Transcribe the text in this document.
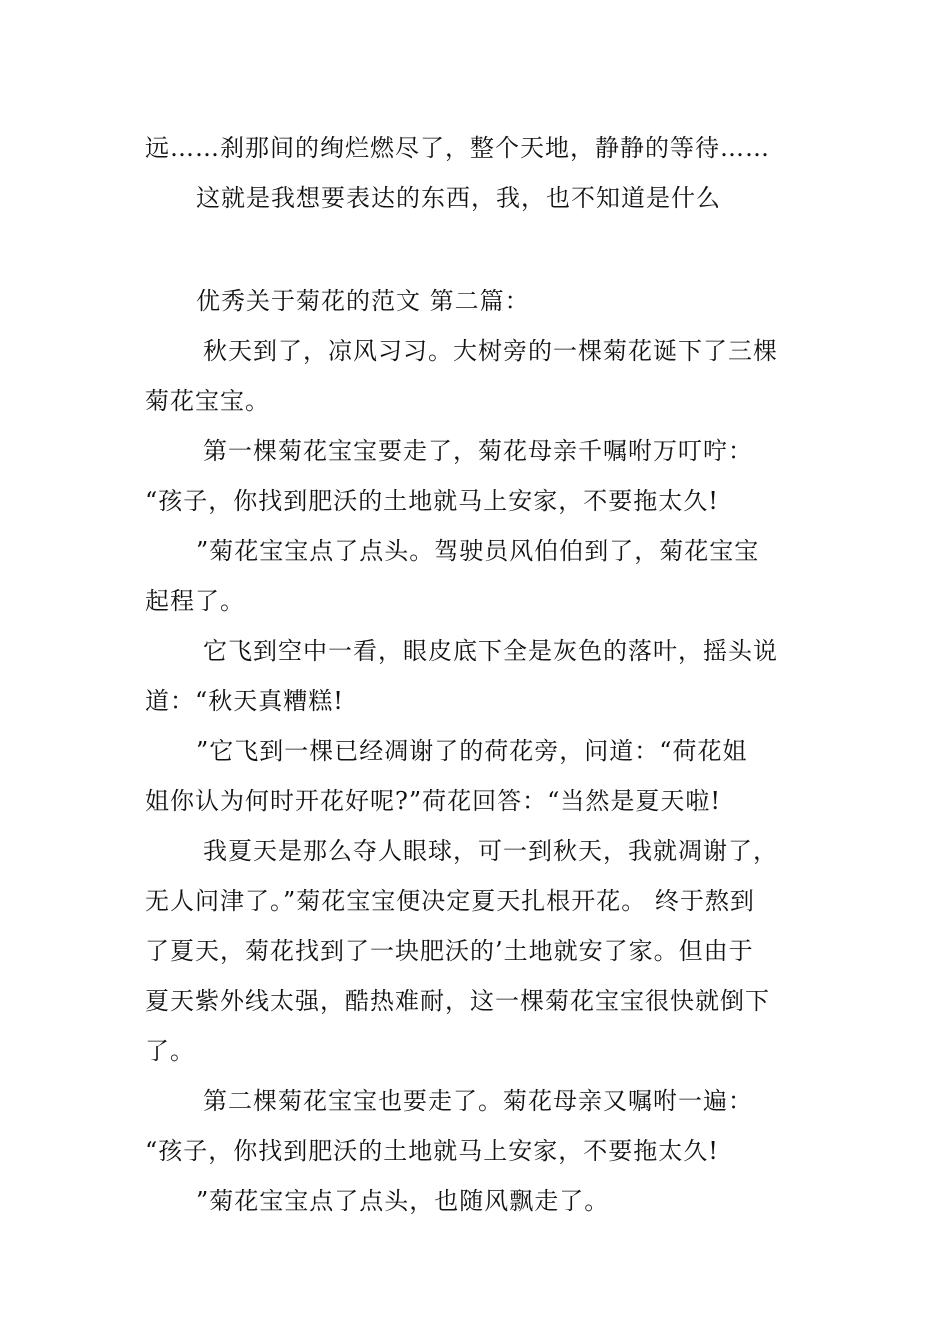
远……刹那间的绚烂燃尽了，整个天地，静静的等待……
这就是我想要表达的东西，我，也不知道是什么
优秀关于菊花的范文 第二篇：
秋天到了，凉风习习。大树旁的一棵菊花诞下了三棵
菊花宝宝。
第一棵菊花宝宝要走了，菊花母亲千嘱咐万叮咛：
“孩子，你找到肥沃的土地就马上安家，不要拖太久!
”菊花宝宝点了点头。驾驶员风伯伯到了，菊花宝宝
起程了。
它飞到空中一看，眼皮底下全是灰色的落叶，摇头说
道：“秋天真糟糕!
”它飞到一棵已经凋谢了的荷花旁，问道：“荷花姐
姐你认为何时开花好呢?”荷花回答：“当然是夏天啦!
我夏天是那么夺人眼球，可一到秋天，我就凋谢了，
无人问津了。”菊花宝宝便决定夏天扎根开花。 终于熬到
了夏天，菊花找到了一块肥沃的’土地就安了家。但由于
夏天紫外线太强，酷热难耐，这一棵菊花宝宝很快就倒下
了。
第二棵菊花宝宝也要走了。菊花母亲又嘱咐一遍：
“孩子，你找到肥沃的土地就马上安家，不要拖太久!
”菊花宝宝点了点头，也随风飘走了。
